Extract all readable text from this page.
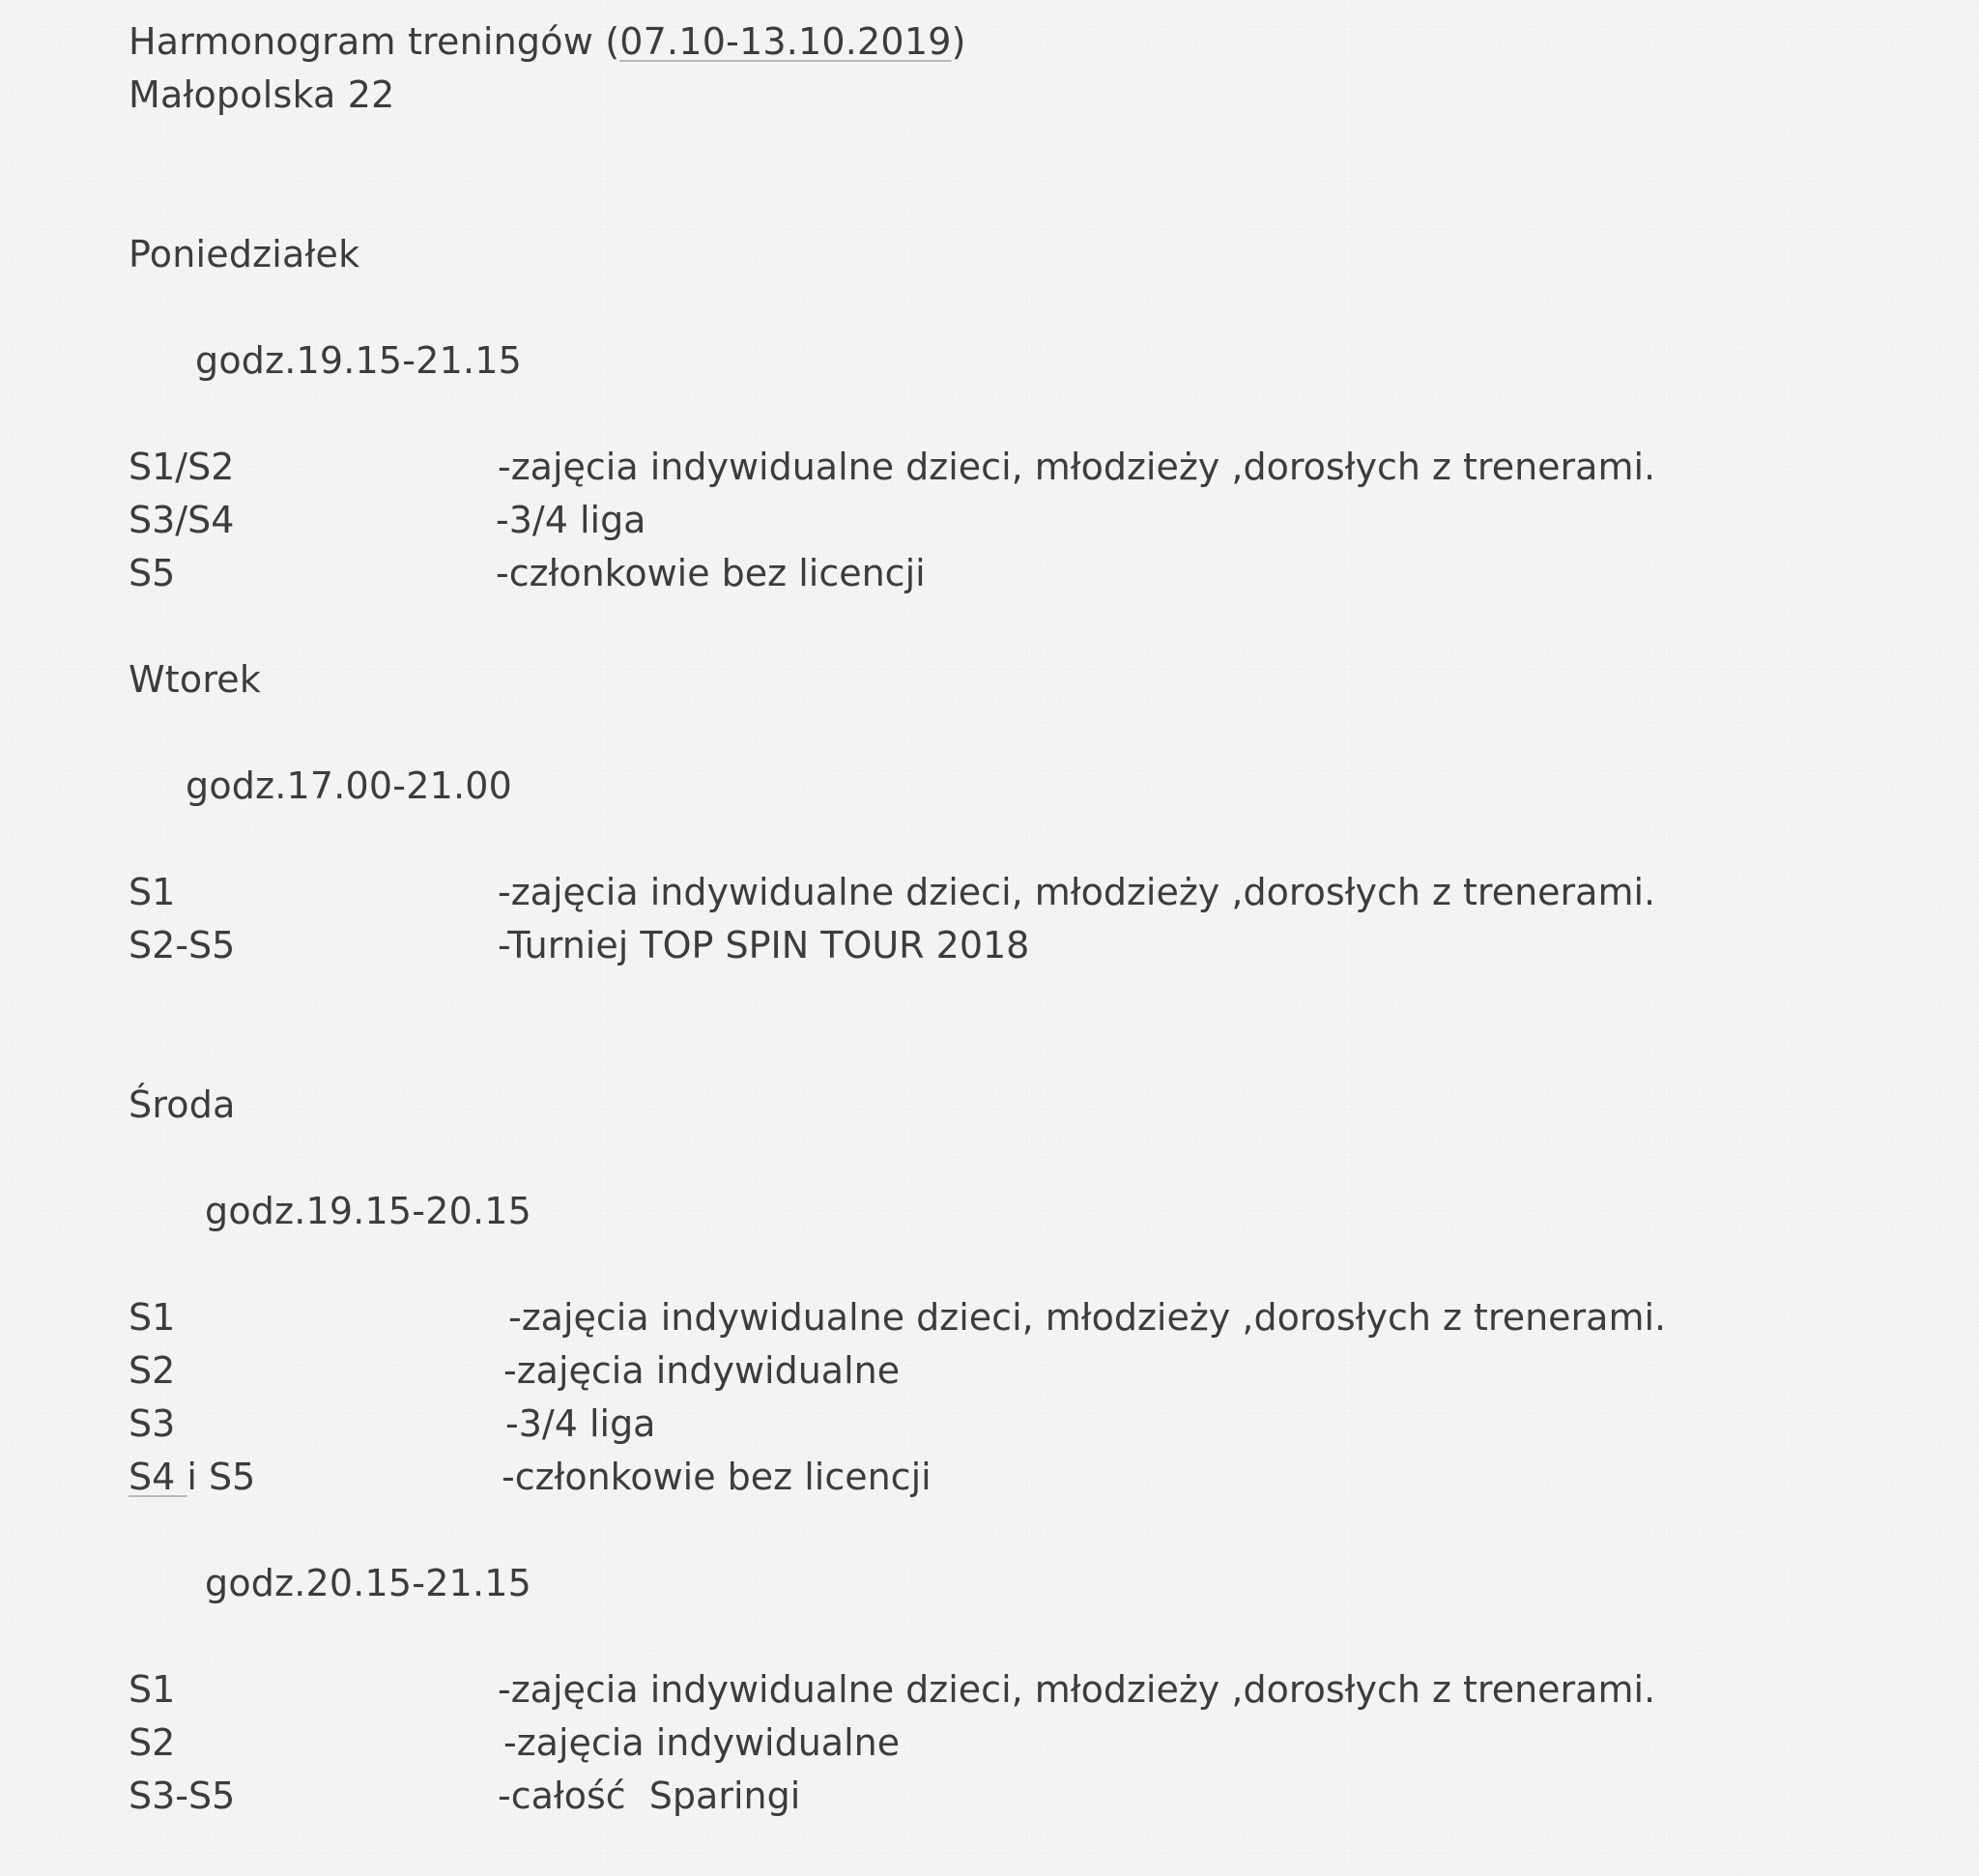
Harmonogram treningów (07.10-13.10.2019)
Małopolska 22
Poniedziałek
godz.19.15-21.15
S1/S2	-zajęcia indywidualne dzieci, młodzieży ,dorosłych z trenerami.
S3/S4	-3/4 liga
S5	-członkowie bez licencji
Wtorek
godz.17.00-21.00
S1	-zajęcia indywidualne dzieci, młodzieży ,dorosłych z trenerami.
S2-S5	-Turniej TOP SPIN TOUR 2018
Środa
godz.19.15-20.15
S1	-zajęcia indywidualne dzieci, młodzieży ,dorosłych z trenerami.
S2	-zajęcia indywidualne
S3	-3/4 liga
S4 i S5	-członkowie bez licencji
godz.20.15-21.15
S1	-zajęcia indywidualne dzieci, młodzieży ,dorosłych z trenerami.
S2	-zajęcia indywidualne
S3-S5	-całość  Sparingi
